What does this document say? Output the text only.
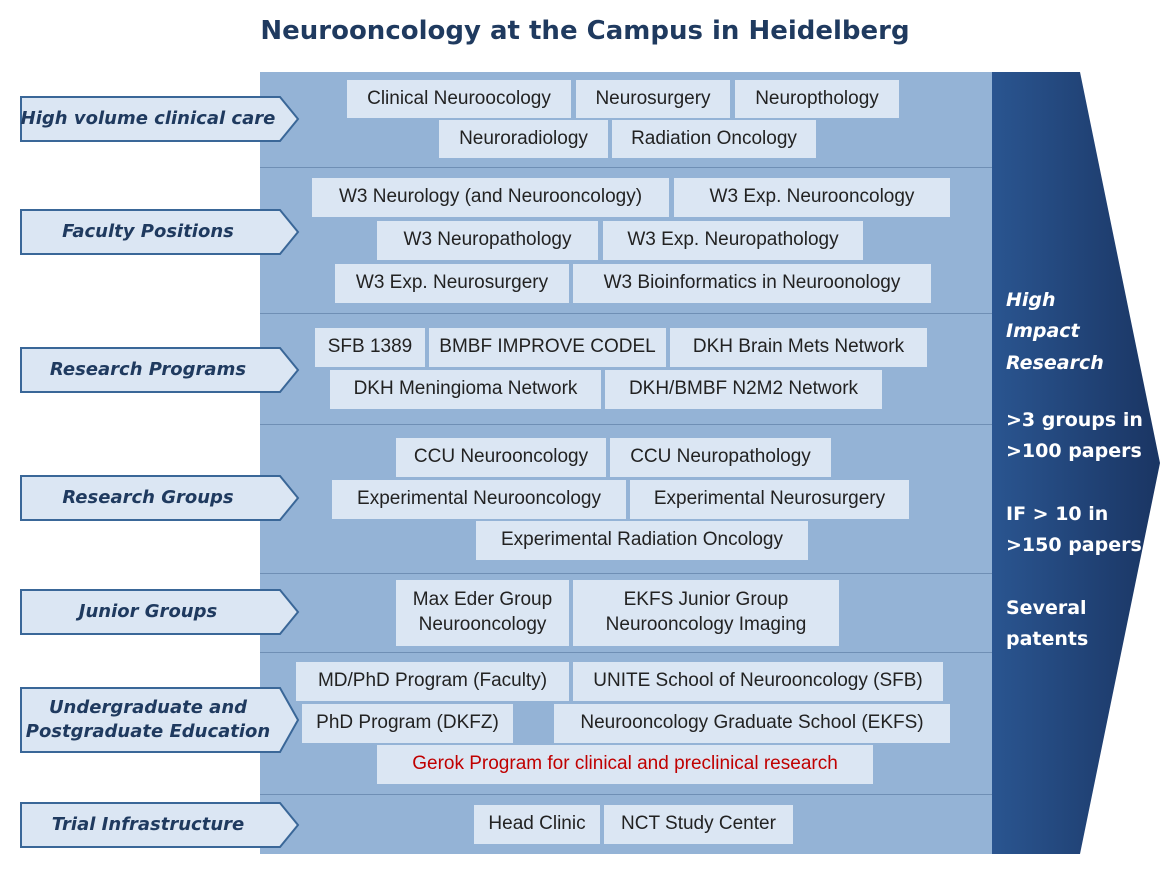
Neurooncology at the Campus in Heidelberg
High
Impact
Research
>3 groups in
>100 papers
IF > 10 in
>150 papers
Several
patents
High volume clinical care
Faculty Positions
Research Programs
Research Groups
Junior Groups
Undergraduate and
Postgraduate Education
Trial Infrastructure
Clinical Neuroocology	Neurosurgery	Neuropthology
Neuroradiology	Radiation Oncology
W3 Neurology (and Neurooncology)	W3 Exp. Neurooncology
W3 Neuropathology	W3 Exp. Neuropathology
W3 Exp. Neurosurgery	W3 Bioinformatics in Neuroonology
SFB 1389	BMBF IMPROVE CODEL	DKH Brain Mets Network
DKH Meningioma Network	DKH/BMBF N2M2 Network
CCU Neurooncology	CCU Neuropathology
Experimental Neurooncology	Experimental Neurosurgery
Experimental Radiation Oncology
Max Eder Group
Neurooncology
EKFS Junior Group
Neurooncology Imaging
MD/PhD Program (Faculty)	UNITE School of Neurooncology (SFB)
PhD Program (DKFZ)	Neurooncology Graduate School (EKFS)
Gerok Program for clinical and preclinical research
Head Clinic	NCT Study Center
